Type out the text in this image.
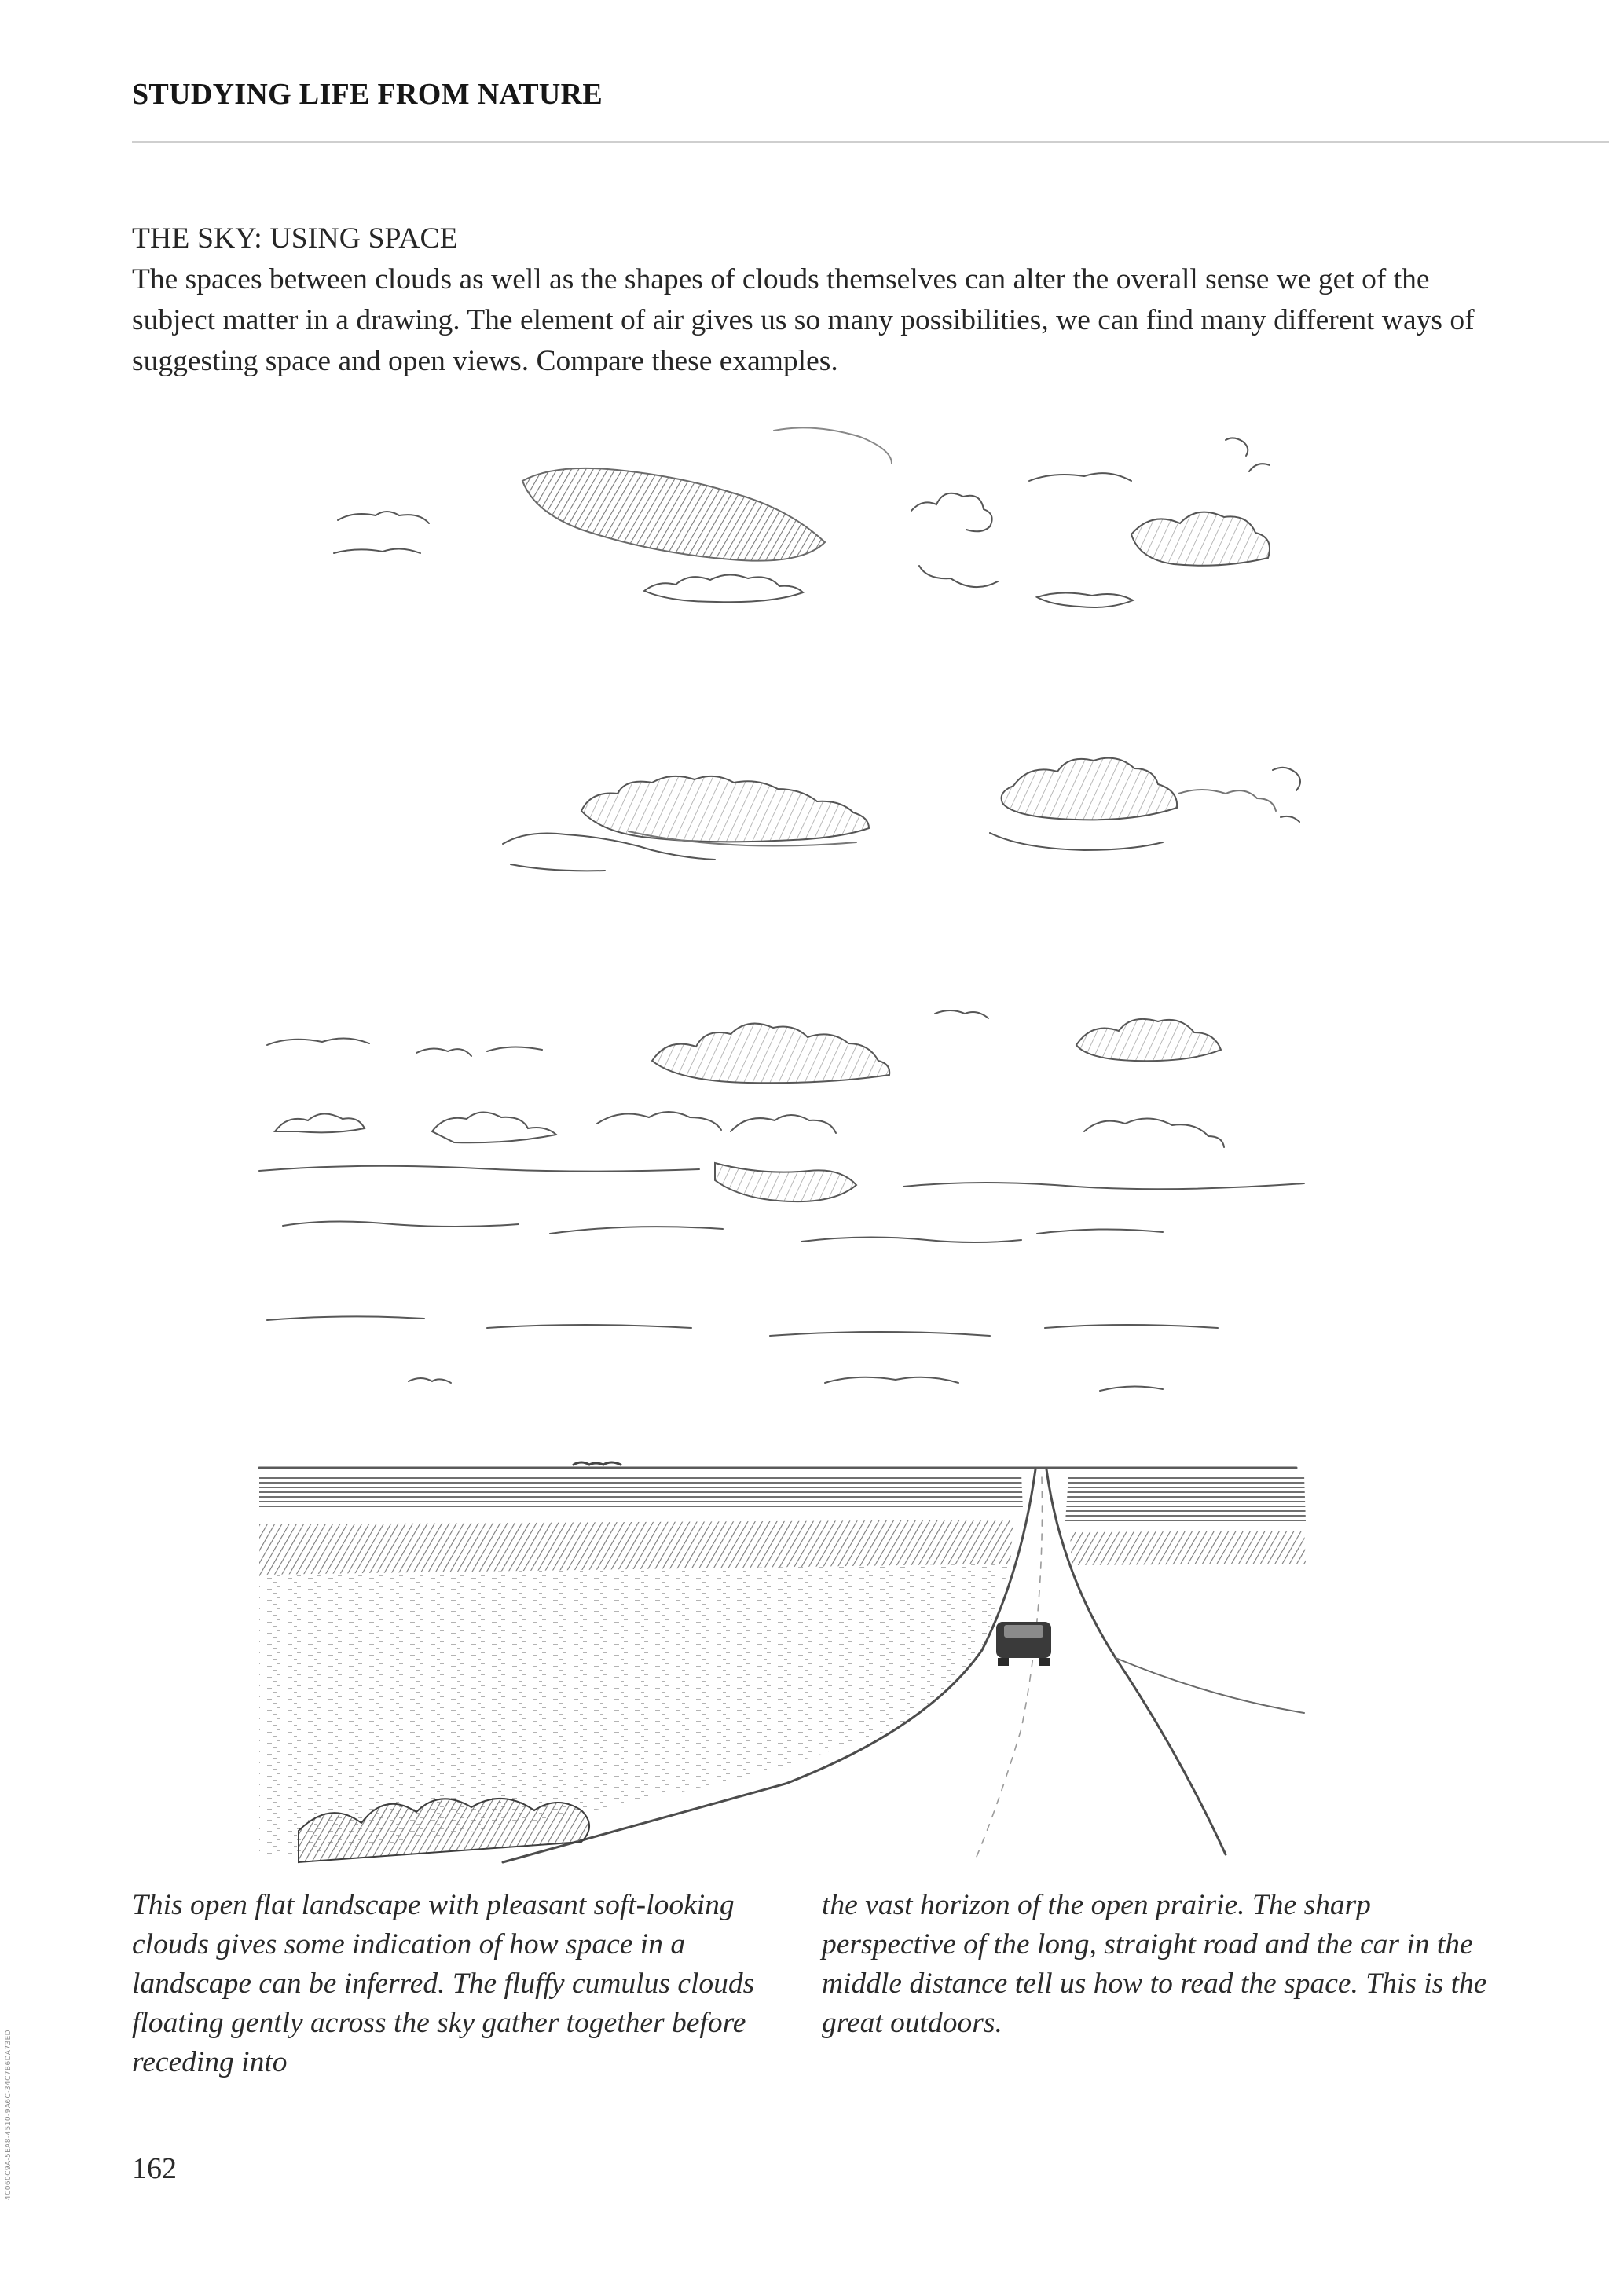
STUDYING LIFE FROM NATURE
THE SKY: USING SPACE
The spaces between clouds as well as the shapes of clouds themselves can alter the overall sense we get of the subject matter in a drawing. The element of air gives us so many possibilities, we can find many different ways of suggesting space and open views. Compare these examples.
This open flat landscape with pleasant soft-looking clouds gives some indication of how space in a landscape can be inferred. The fluffy cumulus clouds floating gently across the sky gather together before receding into
the vast horizon of the open prairie. The sharp perspective of the long, straight road and the car in the middle distance tell us how to read the space. This is the great outdoors.
162
4C060C9A-5EA8-4510-9A6C-34C7B6DA73ED
